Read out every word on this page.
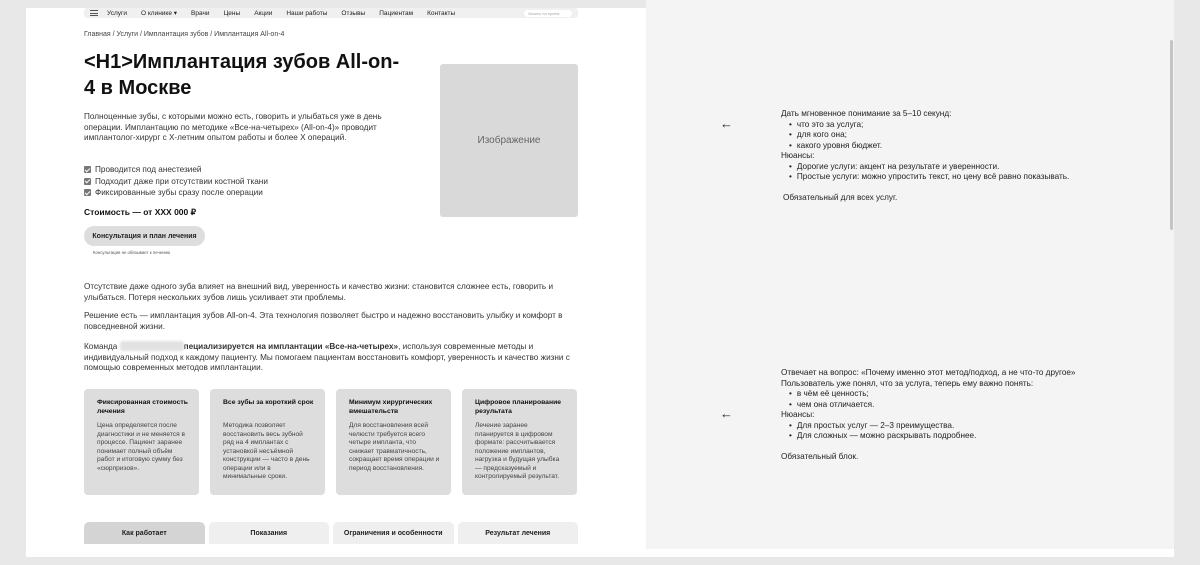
Услуги О клинике ▾ Врачи Цены Акции Наши работы Отзывы Пациентам Контакты	Запись на приём
Главная / Услуги / Имплантация зубов / Имплантация All-on-4
<H1>Имплантация зубов All-on-4 в Москве

Полноценные зубы, с которыми можно есть, говорить и улыбаться уже в день операции. Имплантацию по методике «Все-на-четырех» (All-on-4)» проводит имплантолог-хирург с X-летним опытом работы и более X операций.

Проводится под анестезией
Подходит даже при отсутствии костной ткани
Фиксированные зубы сразу после операции
Стоимость — от XXX 000 ₽
Консультация и план лечения
Консультация не обязывает к лечению
Изображение

Отсутствие даже одного зуба влияет на внешний вид, уверенность и качество жизни: становится сложнее есть, говорить и улыбаться. Потеря нескольких зубов лишь усиливает эти проблемы.

Решение есть — имплантация зубов All-on-4. Эта технология позволяет быстро и надежно восстановить улыбку и комфорт в повседневной жизни.

Команда	пециализируется на имплантации «Все-на-четырех», используя современные методы и индивидуальный подход к каждому пациенту. Мы помогаем пациентам восстановить комфорт, уверенность и качество жизни с помощью современных методов имплантации.

Фиксированная стоимость лечения
Цена определяется после диагностики и не меняется в процессе. Пациент заранее понимает полный объём работ и итоговую сумму без «сюрпризов».
Все зубы за короткий срок
Методика позволяет восстановить весь зубной ряд на 4 имплантах с установкой несъёмной конструкции — часто в день операции или в минимальные сроки.
Минимум хирургических вмешательств
Для восстановления всей челюсти требуется всего четыре импланта, что снижает травматичность, сокращает время операции и период восстановления.
Цифровое планирование результата
Лечение заранее планируется в цифровом формате: рассчитывается положение имплантов, нагрузка и будущая улыбка — предсказуемый и контролируемый результат.
Как работает	Показания	Ограничения и особенности	Результат лечения
←
Дать мгновенное понимание за 5–10 секунд:
• что это за услуга;
• для кого она;
• какого уровня бюджет.
Нюансы:
• Дорогие услуги: акцент на результате и уверенности.
• Простые услуги: можно упростить текст, но цену всё равно показывать.
Обязательный для всех услуг.
←
Отвечает на вопрос: «Почему именно этот метод/подход, а не что-то другое»
Пользователь уже понял, что за услуга, теперь ему важно понять:
• в чём её ценность;
• чем она отличается.
Нюансы:
• Для простых услуг — 2–3 преимущества.
• Для сложных — можно раскрывать подробнее.
Обязательный блок.
